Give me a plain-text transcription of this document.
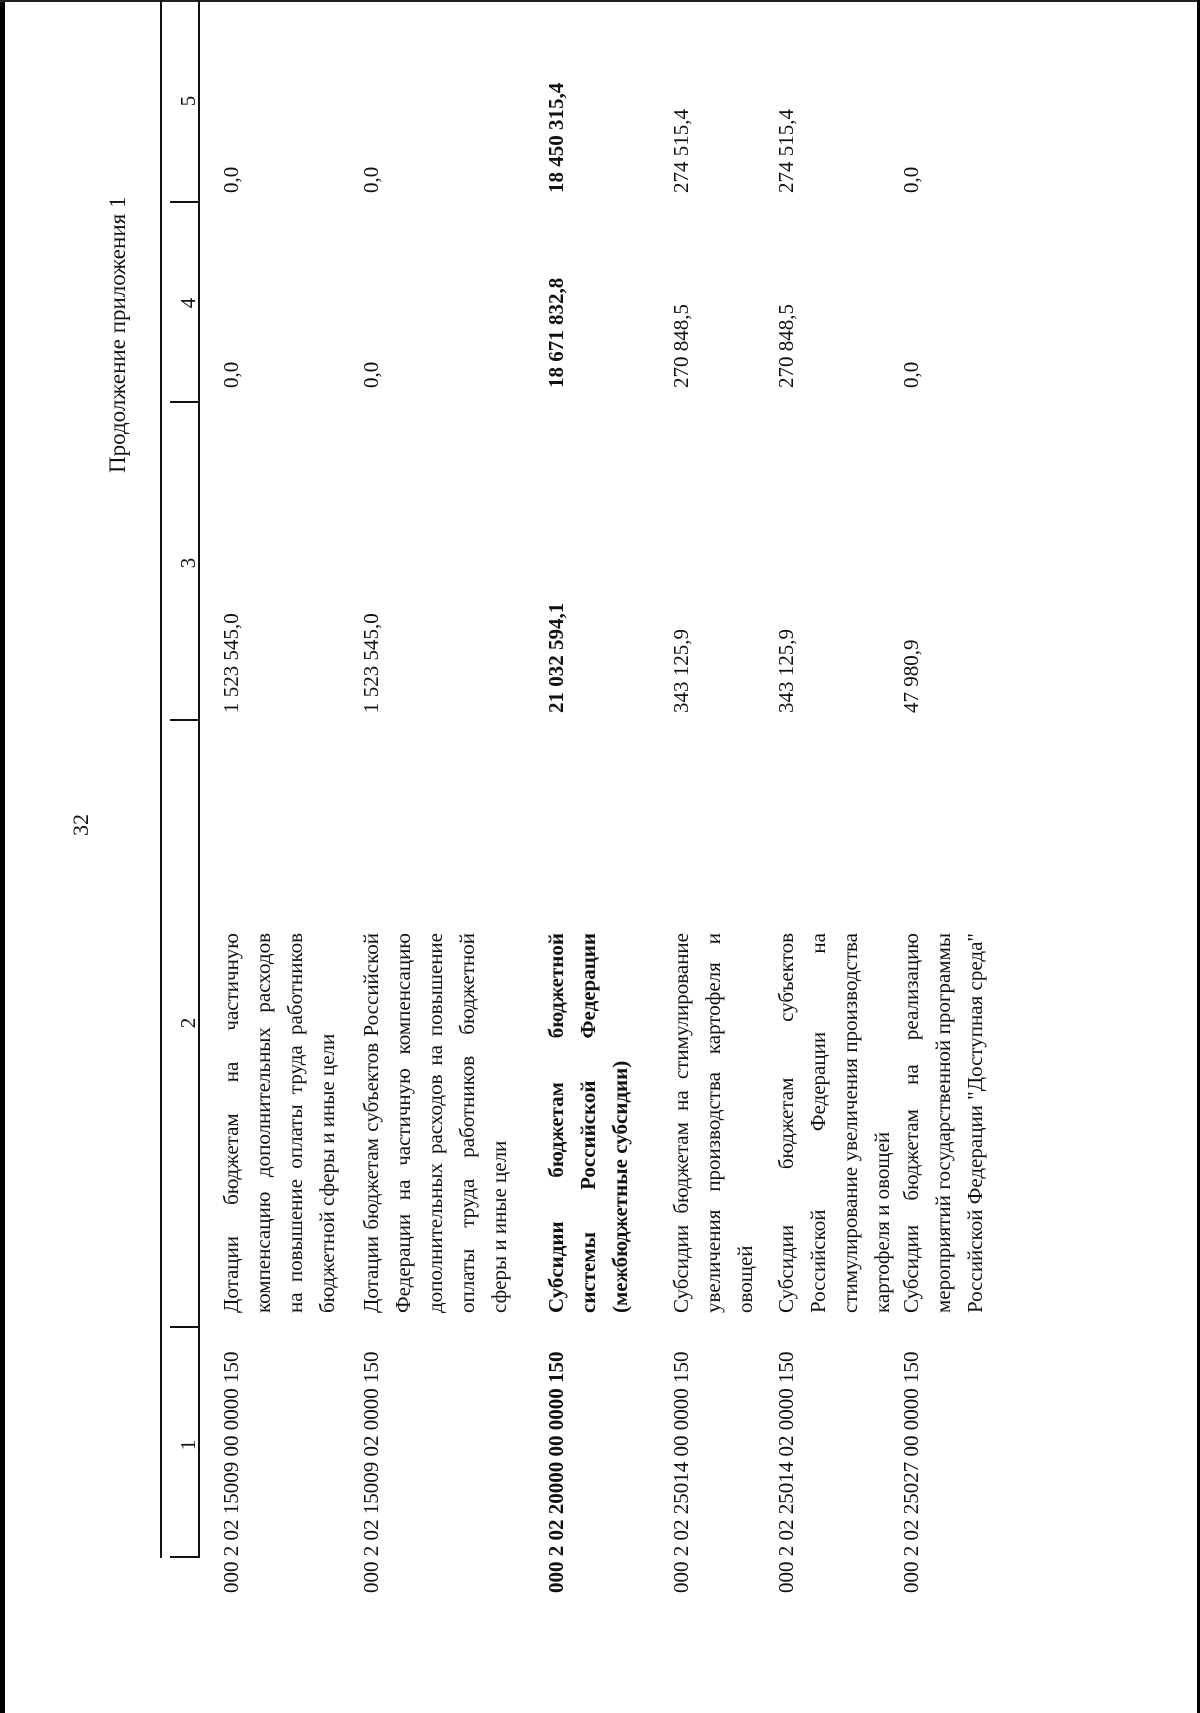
32
Продолжение приложения 1
1
2
3
4
5
000 2 02 15009 00 0000 150
Дотации бюджетам на частичную компенсацию дополнительных расходов на повышение оплаты труда работников бюджетной сферы и иные цели
1 523 545,0
0,0
0,0
000 2 02 15009 02 0000 150
Дотации бюджетам субъектов Российской Федерации на частичную компенсацию дополнительных расходов на повышение оплаты труда работников бюджетной сферы и иные цели
1 523 545,0
0,0
0,0
000 2 02 20000 00 0000 150
Субсидии бюджетам бюджетной системы Российской Федерации (межбюджетные субсидии)
21 032 594,1
18 671 832,8
18 450 315,4
000 2 02 25014 00 0000 150
Субсидии бюджетам на стимулирование увеличения производства картофеля и овощей
343 125,9
270 848,5
274 515,4
000 2 02 25014 02 0000 150
Субсидии бюджетам субъектов Российской Федерации на стимулирование увеличения производства картофеля и овощей
343 125,9
270 848,5
274 515,4
000 2 02 25027 00 0000 150
Субсидии бюджетам на реализацию мероприятий государственной программы Российской Федерации "Доступная среда"
47 980,9
0,0
0,0
